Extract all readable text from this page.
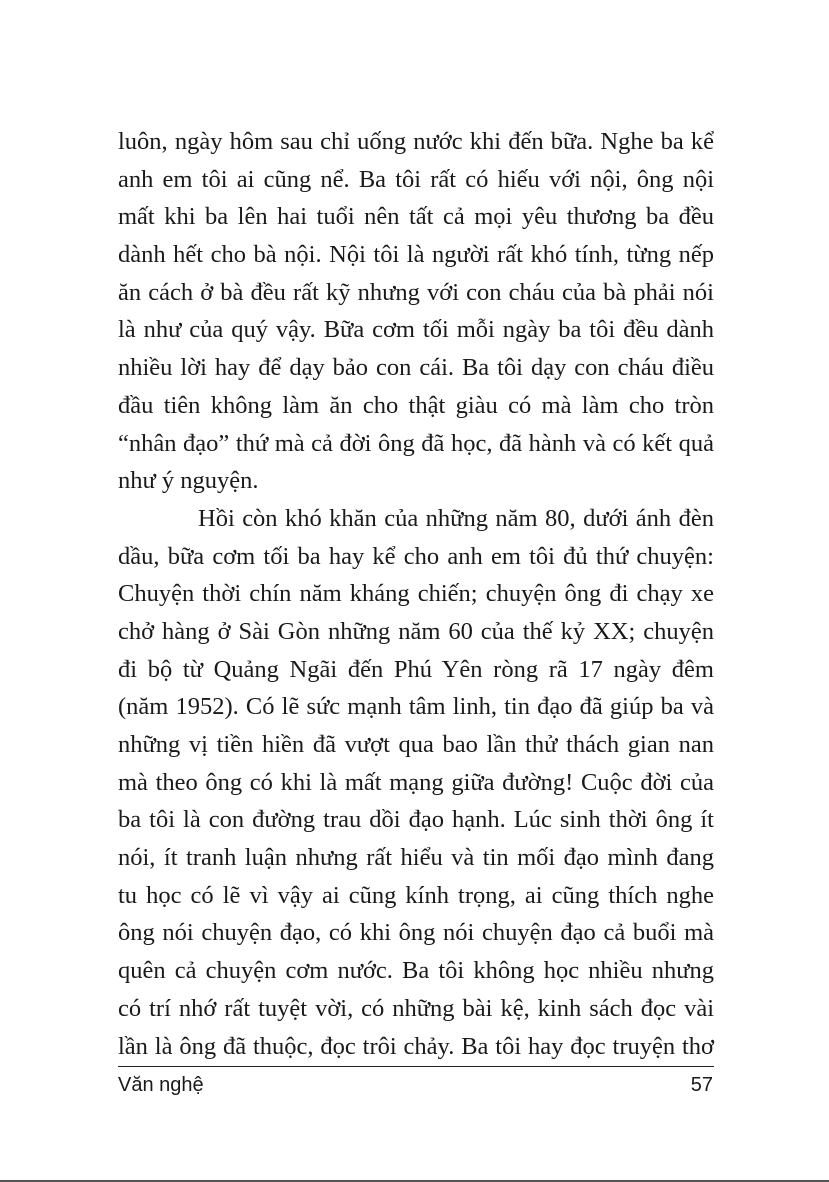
luôn, ngày hôm sau chỉ uống nước khi đến bữa. Nghe ba kể
anh em tôi ai cũng nể. Ba tôi rất có hiếu với nội, ông nội
mất khi ba lên hai tuổi nên tất cả mọi yêu thương ba đều
dành hết cho bà nội. Nội tôi là người rất khó tính, từng nếp
ăn cách ở bà đều rất kỹ nhưng với con cháu của bà phải nói
là như của quý vậy. Bữa cơm tối mỗi ngày ba tôi đều dành
nhiều lời hay để dạy bảo con cái. Ba tôi dạy con cháu điều
đầu tiên không làm ăn cho thật giàu có mà làm cho tròn
“nhân đạo” thứ mà cả đời ông đã học, đã hành và có kết quả
như ý nguyện.
Hồi còn khó khăn của những năm 80, dưới ánh đèn
dầu, bữa cơm tối ba hay kể cho anh em tôi đủ thứ chuyện:
Chuyện thời chín năm kháng chiến; chuyện ông đi chạy xe
chở hàng ở Sài Gòn những năm 60 của thế kỷ XX; chuyện
đi bộ từ Quảng Ngãi đến Phú Yên ròng rã 17 ngày đêm
(năm 1952). Có lẽ sức mạnh tâm linh, tin đạo đã giúp ba và
những vị tiền hiền đã vượt qua bao lần thử thách gian nan
mà theo ông có khi là mất mạng giữa đường! Cuộc đời của
ba tôi là con đường trau dồi đạo hạnh. Lúc sinh thời ông ít
nói, ít tranh luận nhưng rất hiểu và tin mối đạo mình đang
tu học có lẽ vì vậy ai cũng kính trọng, ai cũng thích nghe
ông nói chuyện đạo, có khi ông nói chuyện đạo cả buổi mà
quên cả chuyện cơm nước. Ba tôi không học nhiều nhưng
có trí nhớ rất tuyệt vời, có những bài kệ, kinh sách đọc vài
lần là ông đã thuộc, đọc trôi chảy. Ba tôi hay đọc truyện thơ
Văn nghệ	57
